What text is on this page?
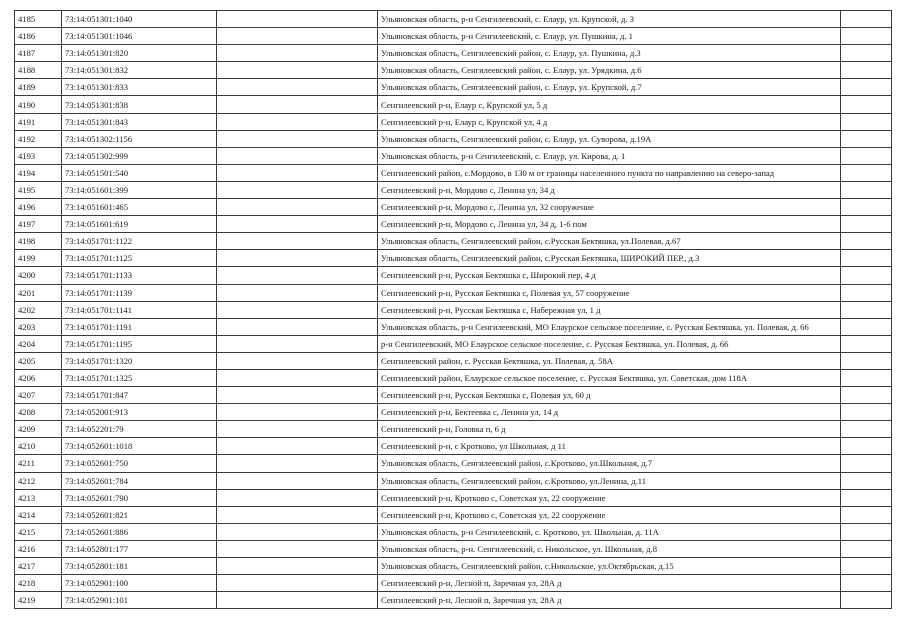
4185	73:14:051301:1040		Ульяновская область, р-н Сенгилеевский, с. Елаур, ул. Крупской, д. 3	
4186	73:14:051301:1046		Ульяновская область, р-н Сенгилеевский, с. Елаур, ул. Пушкина, д. 1	
4187	73:14:051301:820		Ульяновская область, Сенгилеевский район, с. Елаур, ул. Пушкина, д.3	
4188	73:14:051301:832		Ульяновская область, Сенгилеевский район, с. Елаур, ул. Урядкина, д.6	
4189	73:14:051301:833		Ульяновская область, Сенгилеевский район, с. Елаур, ул. Крупской, д.7	
4190	73:14:051301:838		Сенгилеевский р-н, Елаур с, Крупской ул, 5 д	
4191	73:14:051301:843		Сенгилеевский р-н, Елаур с, Крупской ул, 4 д	
4192	73:14:051302:1156		Ульяновская область, Сенгилеевский район, с. Елаур, ул. Суворова, д.19А	
4193	73:14:051302:999		Ульяновская область, р-н Сенгилеевский, с. Елаур, ул. Кирова, д. 1	
4194	73:14:051501:540		Сенгилеевский район, с.Мордово, в 130 м от границы населенного пункта по направлению на северо-запад	
4195	73:14:051601:399		Сенгилеевский р-н, Мордово с, Ленина ул, 34 д	
4196	73:14:051601:465		Сенгилеевский р-н, Мордово с, Ленина ул, 32 сооружение	
4197	73:14:051601:619		Сенгилеевский р-н, Мордово с, Ленина ул, 34 д, 1-6 пом	
4198	73:14:051701:1122		Ульяновская область, Сенгилеевский район, с.Русская Бектяшка, ул.Полевая, д.67	
4199	73:14:051701:1125		Ульяновская область, Сенгилеевский район, с.Русская Бектяшка, ШИРОКИЙ ПЕР., д.3	
4200	73:14:051701:1133		Сенгилеевский р-н, Русская Бектяшка с, Широкий пер, 4 д	
4201	73:14:051701:1139		Сенгилеевский р-н, Русская Бектяшка с, Полевая ул, 57 сооружение	
4202	73:14:051701:1141		Сенгилеевский р-н, Русская Бектяшка с, Набережная ул, 1 д	
4203	73:14:051701:1191		Ульяновская область, р-н Сенгилеевский, МО Елаурское сельское поселение, с. Русская Бектяшка, ул. Полевая, д. 66	
4204	73:14:051701:1195		р-н Сенгилеевский, МО Елаурское сельское поселение, с. Русская Бектяшка, ул. Полевая, д. 66	
4205	73:14:051701:1320		Сенгилеевский район, с. Русская Бектяшка, ул. Полевая, д. 58А	
4206	73:14:051701:1325		Сенгилеевский район, Елаурское сельское поселение, с. Русская Бектяшка, ул. Советская, дом 118А	
4207	73:14:051701:847		Сенгилеевский р-н, Русская Бектяшка с, Полевая ул, 60 д	
4208	73:14:052001:913		Сенгилеевский р-н, Бектеевка с, Ленина ул, 14 д	
4209	73:14:052201:79		Сенгилеевский р-н, Головка п, 6 д	
4210	73:14:052601:1018		Сенгилеевский р-н, с Кротково, ул Школьная, д 11	
4211	73:14:052601:750		Ульяновская область, Сенгилеевский район, с.Кротково, ул.Школьная, д.7	
4212	73:14:052601:784		Ульяновская область, Сенгилеевский район, с.Кротково, ул.Ленина, д.11	
4213	73:14:052601:790		Сенгилеевский р-н, Кротково с, Советская ул, 22 сооружение	
4214	73:14:052601:821		Сенгилеевский р-н, Кротково с, Советская ул, 22 сооружение	
4215	73:14:052601:886		Ульяновская область, р-н Сенгилеевский, с. Кротково, ул. Школьная, д. 11А	
4216	73:14:052801:177		Ульяновская область, р-н. Сенгилеевский, с. Никольское, ул. Школьная, д.8	
4217	73:14:052801:181		Ульяновская область, Сенгилеевский район, с.Никольское, ул.Октябрьская, д.15	
4218	73:14:052901:100		Сенгилеевский р-н, Лесной п, Заречная ул, 28А д	
4219	73:14:052901:101		Сенгилеевский р-н, Лесной п, Заречная ул, 28А д	
